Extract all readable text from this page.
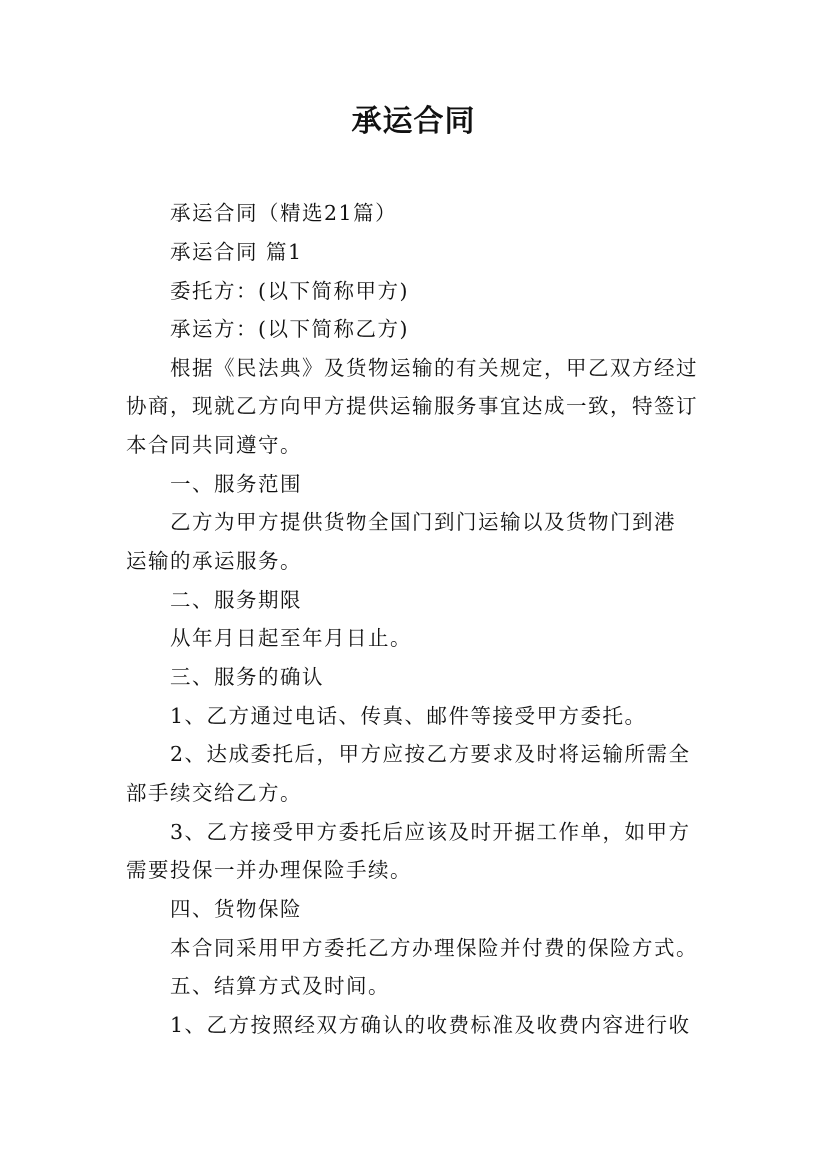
承运合同
承运合同（精选21篇）
承运合同 篇1
委托方：(以下简称甲方)
承运方：(以下简称乙方)
根据《民法典》及货物运输的有关规定，甲乙双方经过
协商，现就乙方向甲方提供运输服务事宜达成一致，特签订
本合同共同遵守。
一、服务范围
乙方为甲方提供货物全国门到门运输以及货物门到港
运输的承运服务。
二、服务期限
从年月日起至年月日止。
三、服务的确认
1、乙方通过电话、传真、邮件等接受甲方委托。
2、达成委托后，甲方应按乙方要求及时将运输所需全
部手续交给乙方。
3、乙方接受甲方委托后应该及时开据工作单，如甲方
需要投保一并办理保险手续。
四、货物保险
本合同采用甲方委托乙方办理保险并付费的保险方式。
五、结算方式及时间。
1、乙方按照经双方确认的收费标准及收费内容进行收
